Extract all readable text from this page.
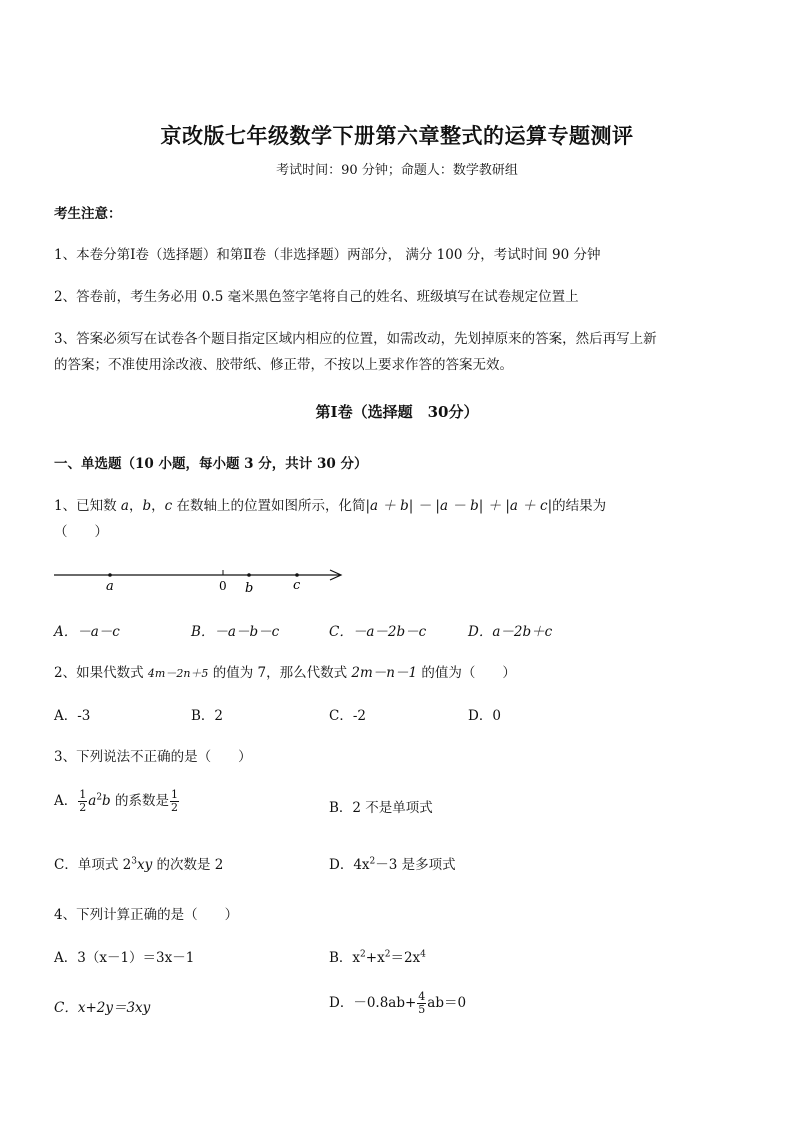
京改版七年级数学下册第六章整式的运算专题测评
考试时间：90 分钟；命题人：数学教研组
考生注意：
1、本卷分第Ⅰ卷（选择题）和第Ⅱ卷（非选择题）两部分， 满分 100 分，考试时间 90 分钟
2、答卷前，考生务必用 0.5 毫米黑色签字笔将自己的姓名、班级填写在试卷规定位置上
3、答案必须写在试卷各个题目指定区域内相应的位置，如需改动，先划掉原来的答案，然后再写上新
的答案；不准使用涂改液、胶带纸、修正带，不按以上要求作答的答案无效。
第Ⅰ卷（选择题　30分）
一、单选题（10 小题，每小题 3 分，共计 30 分）
1、已知数 a，b，c 在数轴上的位置如图所示，化简|a ＋ b| － |a － b| ＋ |a ＋ c|的结果为
（　　）
a	0 b	c
A．－a－c	B．－a－b－c	C．－a－2b－c	D．a－2b＋c
2、如果代数式 4m－2n＋5 的值为 7，那么代数式 2m－n－1 的值为（　　）
A．-3	B．2	C．-2	D．0
3、下列说法不正确的是（　　）
A． $\frac{1}{2} a^2b$ 的系数是 $\frac{1}{2}$	B．2 不是单项式
C．单项式 $2^3xy$ 的次数是 2	D．$4x^2-3$ 是多项式
4、下列计算正确的是（　　）
A．3（x－1）＝3x－1	B．$x^2+x^2=2x^4$
C．x+2y＝3xy	D．$-0.8ab+ \frac{4}{5} ab=0$
